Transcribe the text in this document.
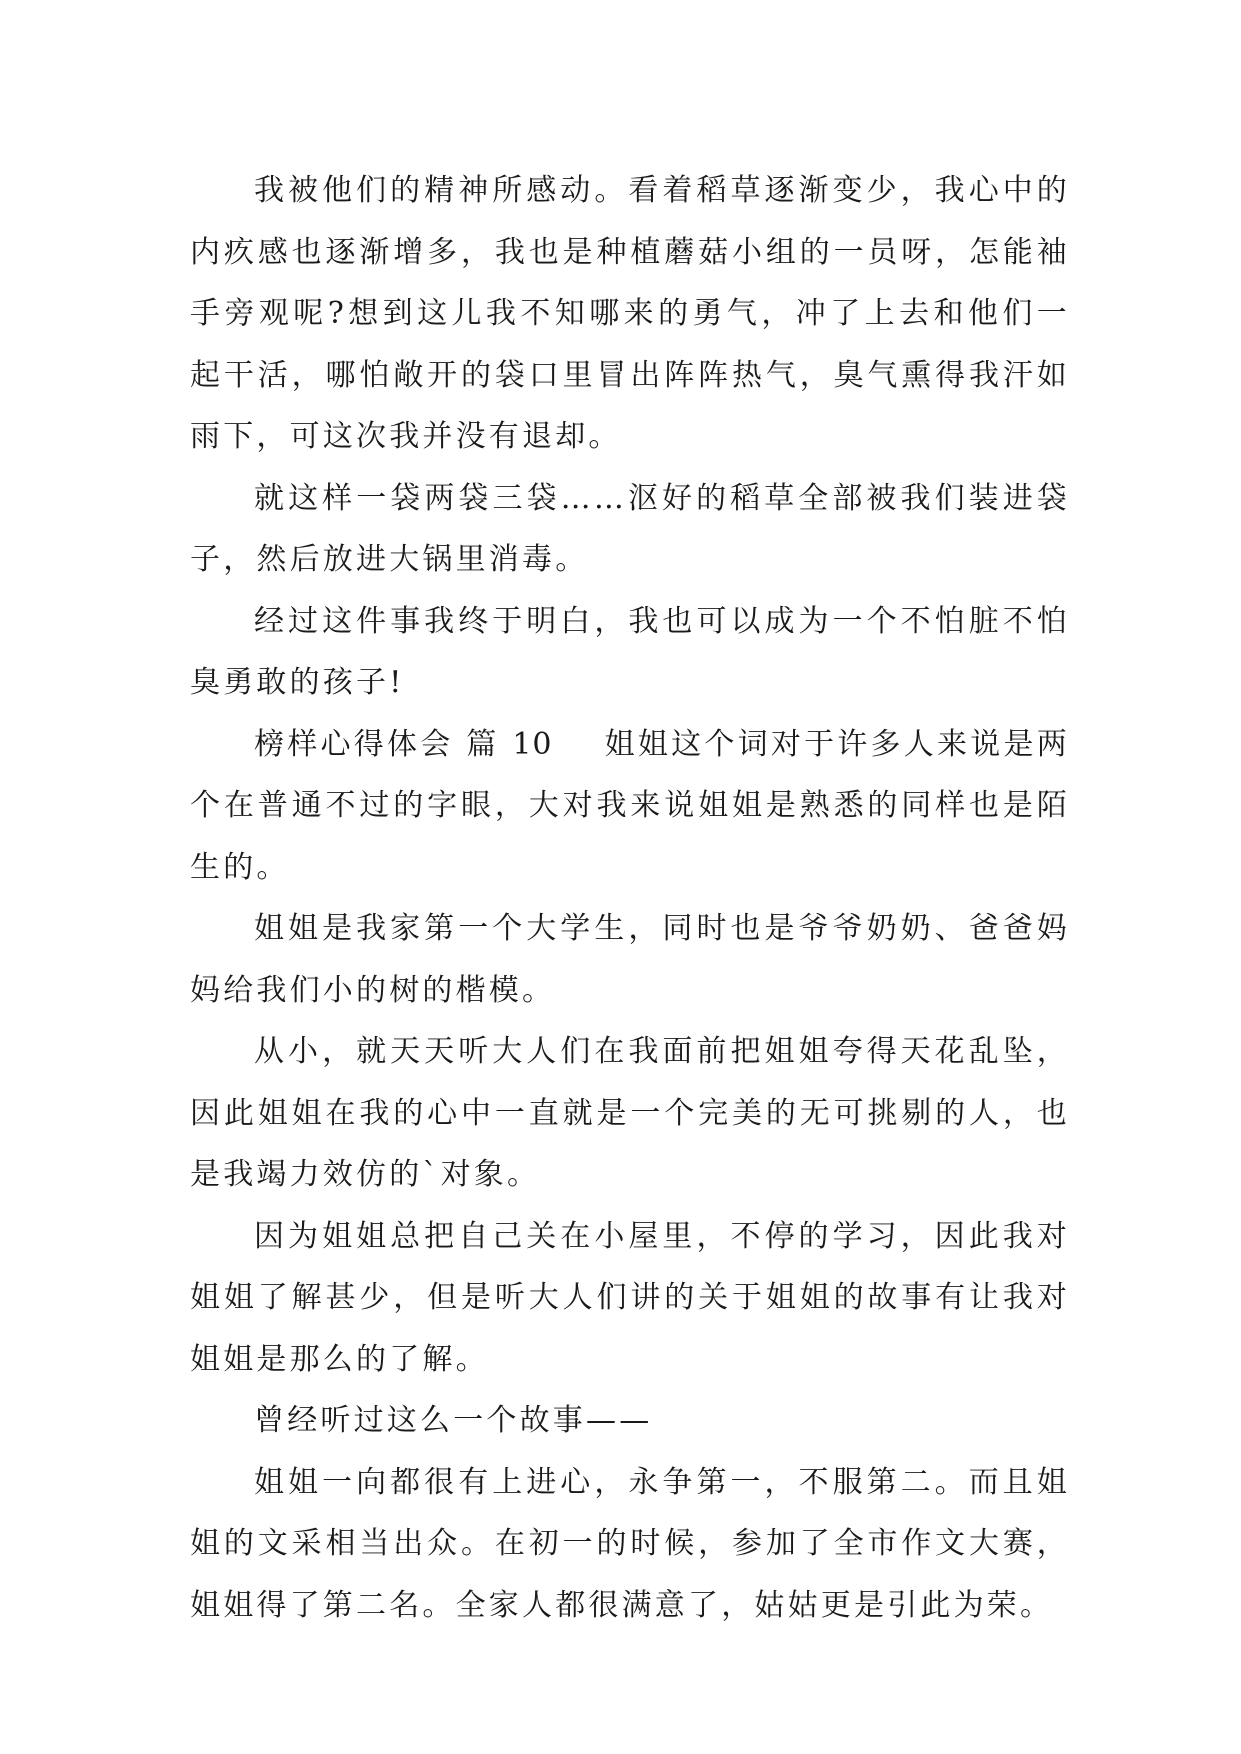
我被他们的精神所感动。看着稻草逐渐变少，我心中的内疚感也逐渐增多，我也是种植蘑菇小组的一员呀，怎能袖手旁观呢?想到这儿我不知哪来的勇气，冲了上去和他们一起干活，哪怕敞开的袋口里冒出阵阵热气，臭气熏得我汗如雨下，可这次我并没有退却。

就这样一袋两袋三袋……沤好的稻草全部被我们装进袋子，然后放进大锅里消毒。

经过这件事我终于明白，我也可以成为一个不怕脏不怕臭勇敢的孩子!

榜样心得体会 篇 10 姐姐这个词对于许多人来说是两个在普通不过的字眼，大对我来说姐姐是熟悉的同样也是陌生的。

姐姐是我家第一个大学生，同时也是爷爷奶奶、爸爸妈妈给我们小的树的楷模。

从小，就天天听大人们在我面前把姐姐夸得天花乱坠，因此姐姐在我的心中一直就是一个完美的无可挑剔的人，也是我竭力效仿的`对象。

因为姐姐总把自己关在小屋里，不停的学习，因此我对姐姐了解甚少，但是听大人们讲的关于姐姐的故事有让我对姐姐是那么的了解。

曾经听过这么一个故事——

姐姐一向都很有上进心，永争第一，不服第二。而且姐姐的文采相当出众。在初一的时候，参加了全市作文大赛，姐姐得了第二名。全家人都很满意了，姑姑更是引此为荣。
